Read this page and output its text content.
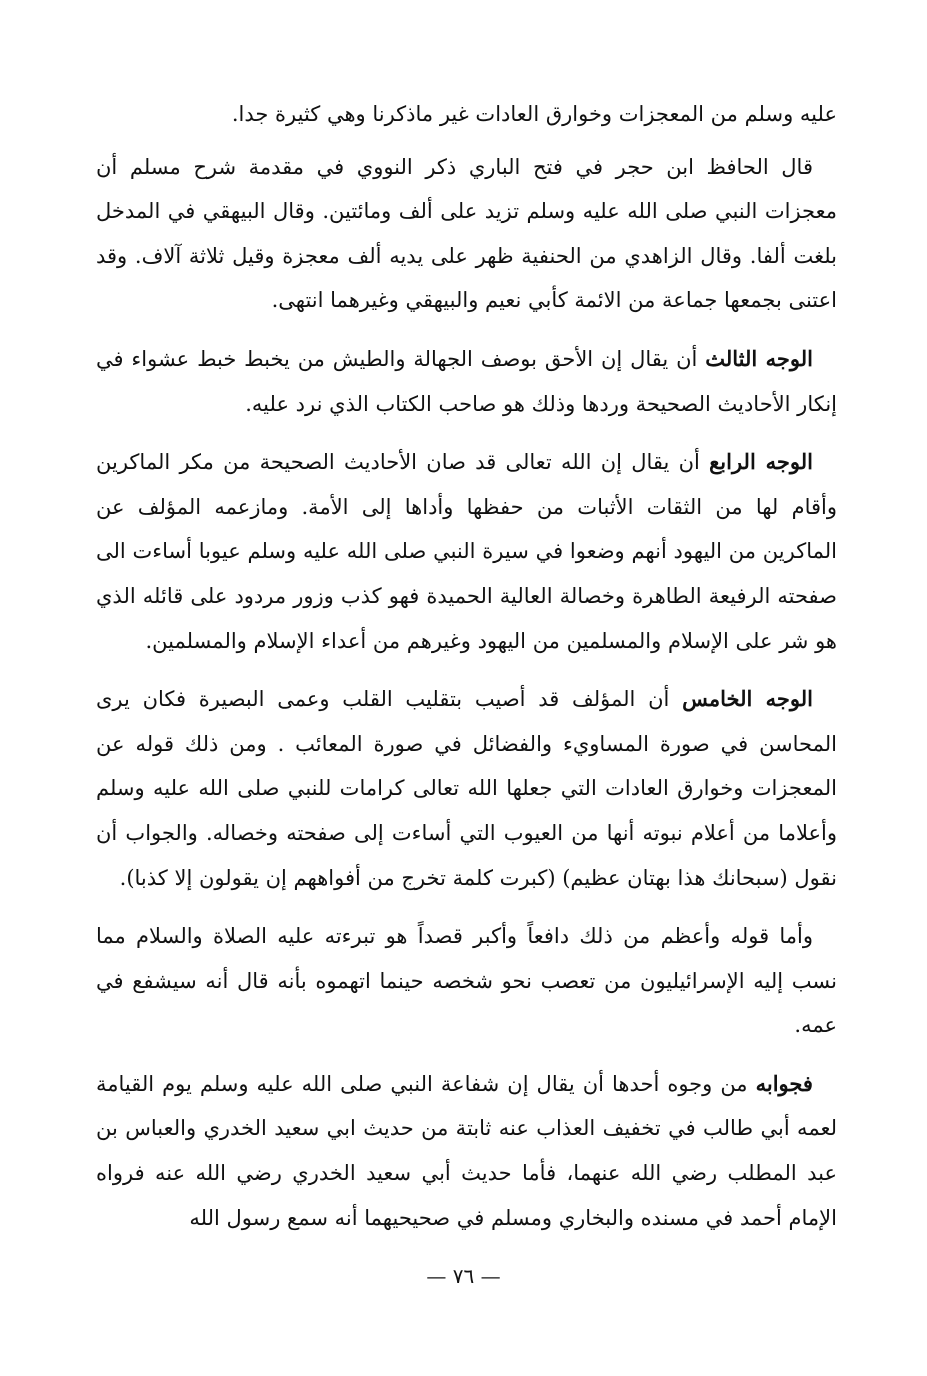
عليه وسلم من المعجزات وخوارق العادات غير ماذكرنا وهي كثيرة جدا.

قال الحافظ ابن حجر في فتح الباري ذكر النووي في مقدمة شرح مسلم أن معجزات النبي صلى الله عليه وسلم تزيد على ألف ومائتين. وقال البيهقي في المدخل بلغت ألفا. وقال الزاهدي من الحنفية ظهر على يديه ألف معجزة وقيل ثلاثة آلاف. وقد اعتنى بجمعها جماعة من الائمة كأبي نعيم والبيهقي وغيرهما انتهى.

الوجه الثالث أن يقال إن الأحق بوصف الجهالة والطيش من يخبط خبط عشواء في إنكار الأحاديث الصحيحة وردها وذلك هو صاحب الكتاب الذي نرد عليه.

الوجه الرابع أن يقال إن الله تعالى قد صان الأحاديث الصحيحة من مكر الماكرين وأقام لها من الثقات الأثبات من حفظها وأداها إلى الأمة. ومازعمه المؤلف عن الماكرين من اليهود أنهم وضعوا في سيرة النبي صلى الله عليه وسلم عيوبا أساءت الى صفحته الرفيعة الطاهرة وخصالة العالية الحميدة فهو كذب وزور مردود على قائله الذي هو شر على الإسلام والمسلمين من اليهود وغيرهم من أعداء الإسلام والمسلمين.

الوجه الخامس أن المؤلف قد أصيب بتقليب القلب وعمى البصيرة فكان يرى المحاسن في صورة المساويء والفضائل في صورة المعائب . ومن ذلك قوله عن المعجزات وخوارق العادات التي جعلها الله تعالى كرامات للنبي صلى الله عليه وسلم وأعلاما من أعلام نبوته أنها من العيوب التي أساءت إلى صفحته وخصاله. والجواب أن نقول (سبحانك هذا بهتان عظيم) (كبرت كلمة تخرج من أفواههم إن يقولون إلا كذبا).

وأما قوله وأعظم من ذلك دافعاً وأكبر قصداً هو تبرءته عليه الصلاة والسلام مما نسب إليه الإسرائيليون من تعصب نحو شخصه حينما اتهموه بأنه قال أنه سيشفع في عمه.

فجوابه من وجوه أحدها أن يقال إن شفاعة النبي صلى الله عليه وسلم يوم القيامة لعمه أبي طالب في تخفيف العذاب عنه ثابتة من حديث ابي سعيد الخدري والعباس بن عبد المطلب رضي الله عنهما، فأما حديث أبي سعيد الخدري رضي الله عنه فرواه الإمام أحمد في مسنده والبخاري ومسلم في صحيحيهما أنه سمع رسول الله

— ٧٦ —
